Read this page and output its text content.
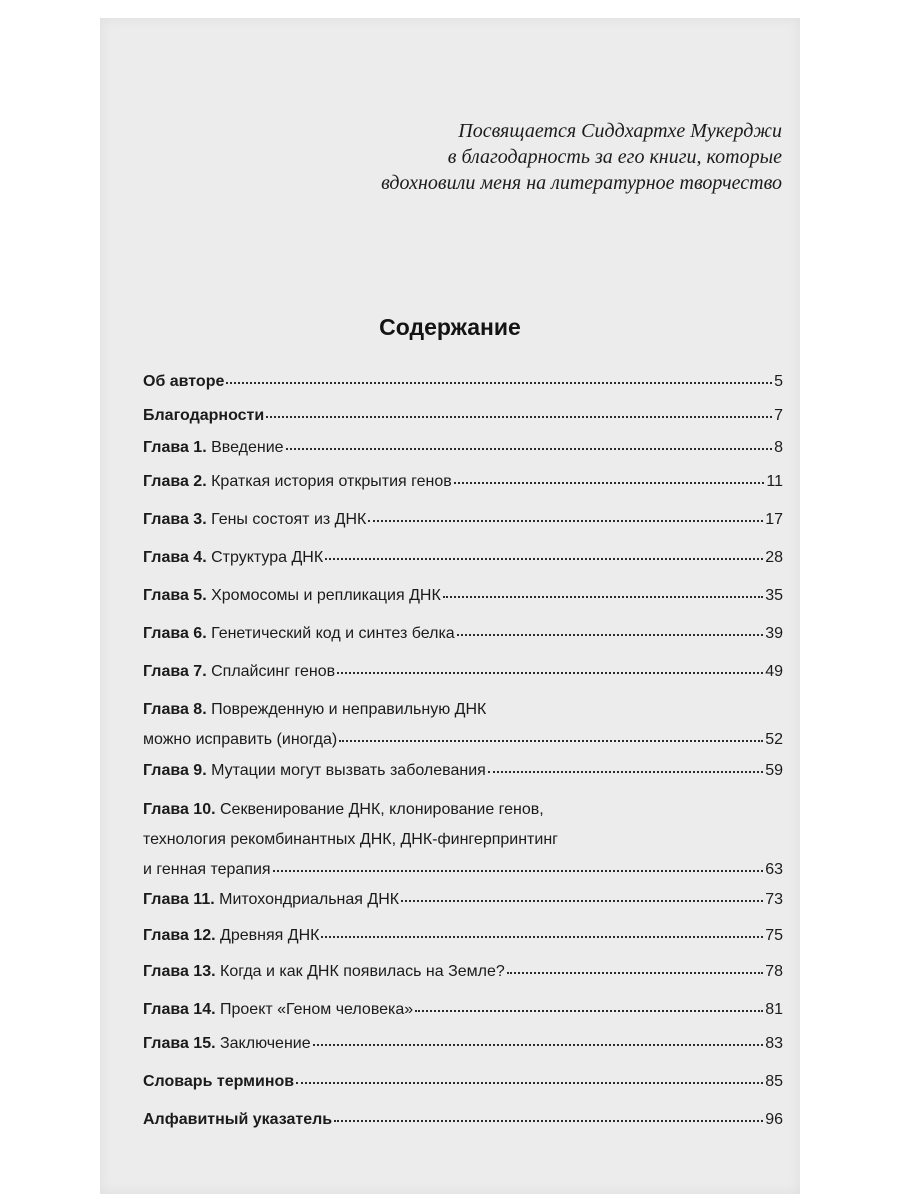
Посвящается Сиддхартхе Мукерджи
в благодарность за его книги, которые
вдохновили меня на литературное творчество
Содержание
Об авторе	5
Благодарности	7
Глава 1. Введение	8
Глава 2. Краткая история открытия генов	11
Глава 3. Гены состоят из ДНК	17
Глава 4. Структура ДНК	28
Глава 5. Хромосомы и репликация ДНК	35
Глава 6. Генетический код и синтез белка	39
Глава 7. Сплайсинг генов	49
Глава 8. Поврежденную и неправильную ДНК
можно исправить (иногда)	52
Глава 9. Мутации могут вызвать заболевания	59
Глава 10. Секвенирование ДНК, клонирование генов,
технология рекомбинантных ДНК, ДНК-фингерпринтинг
и генная терапия	63
Глава 11. Митохондриальная ДНК	73
Глава 12. Древняя ДНК	75
Глава 13. Когда и как ДНК появилась на Земле?	78
Глава 14. Проект «Геном человека»	81
Глава 15. Заключение	83
Словарь терминов	85
Алфавитный указатель	96
